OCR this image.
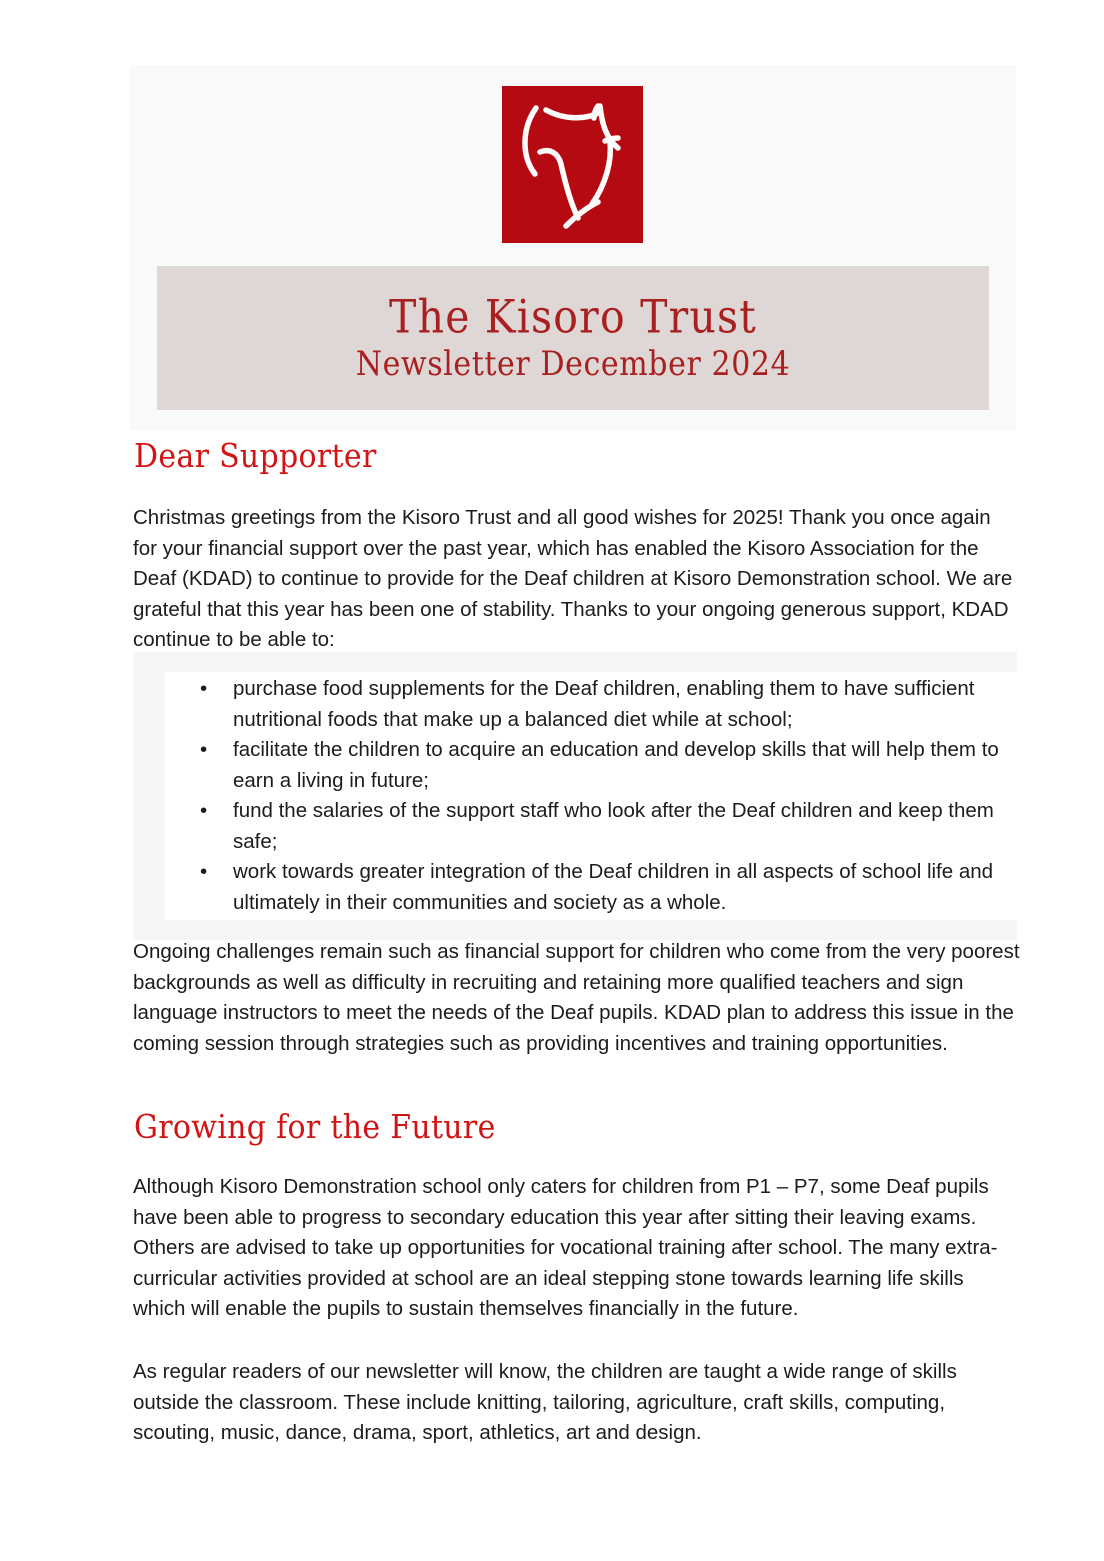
The Kisoro Trust
Newsletter December 2024
Dear Supporter

Christmas greetings from the Kisoro Trust and all good wishes for 2025! Thank you once again for your financial support over the past year, which has enabled the Kisoro Association for the Deaf (KDAD) to continue to provide for the Deaf children at Kisoro Demonstration school. We are grateful that this year has been one of stability. Thanks to your ongoing generous support, KDAD continue to be able to:

• purchase food supplements for the Deaf children, enabling them to have sufficient nutritional foods that make up a balanced diet while at school;
• facilitate the children to acquire an education and develop skills that will help them to earn a living in future;
• fund the salaries of the support staff who look after the Deaf children and keep them safe;
• work towards greater integration of the Deaf children in all aspects of school life and ultimately in their communities and society as a whole.

Ongoing challenges remain such as financial support for children who come from the very poorest backgrounds as well as difficulty in recruiting and retaining more qualified teachers and sign language instructors to meet the needs of the Deaf pupils. KDAD plan to address this issue in the coming session through strategies such as providing incentives and training opportunities.

Growing for the Future

Although Kisoro Demonstration school only caters for children from P1 – P7, some Deaf pupils have been able to progress to secondary education this year after sitting their leaving exams. Others are advised to take up opportunities for vocational training after school. The many extra-curricular activities provided at school are an ideal stepping stone towards learning life skills which will enable the pupils to sustain themselves financially in the future.

As regular readers of our newsletter will know, the children are taught a wide range of skills outside the classroom. These include knitting, tailoring, agriculture, craft skills, computing, scouting, music, dance, drama, sport, athletics, art and design.
